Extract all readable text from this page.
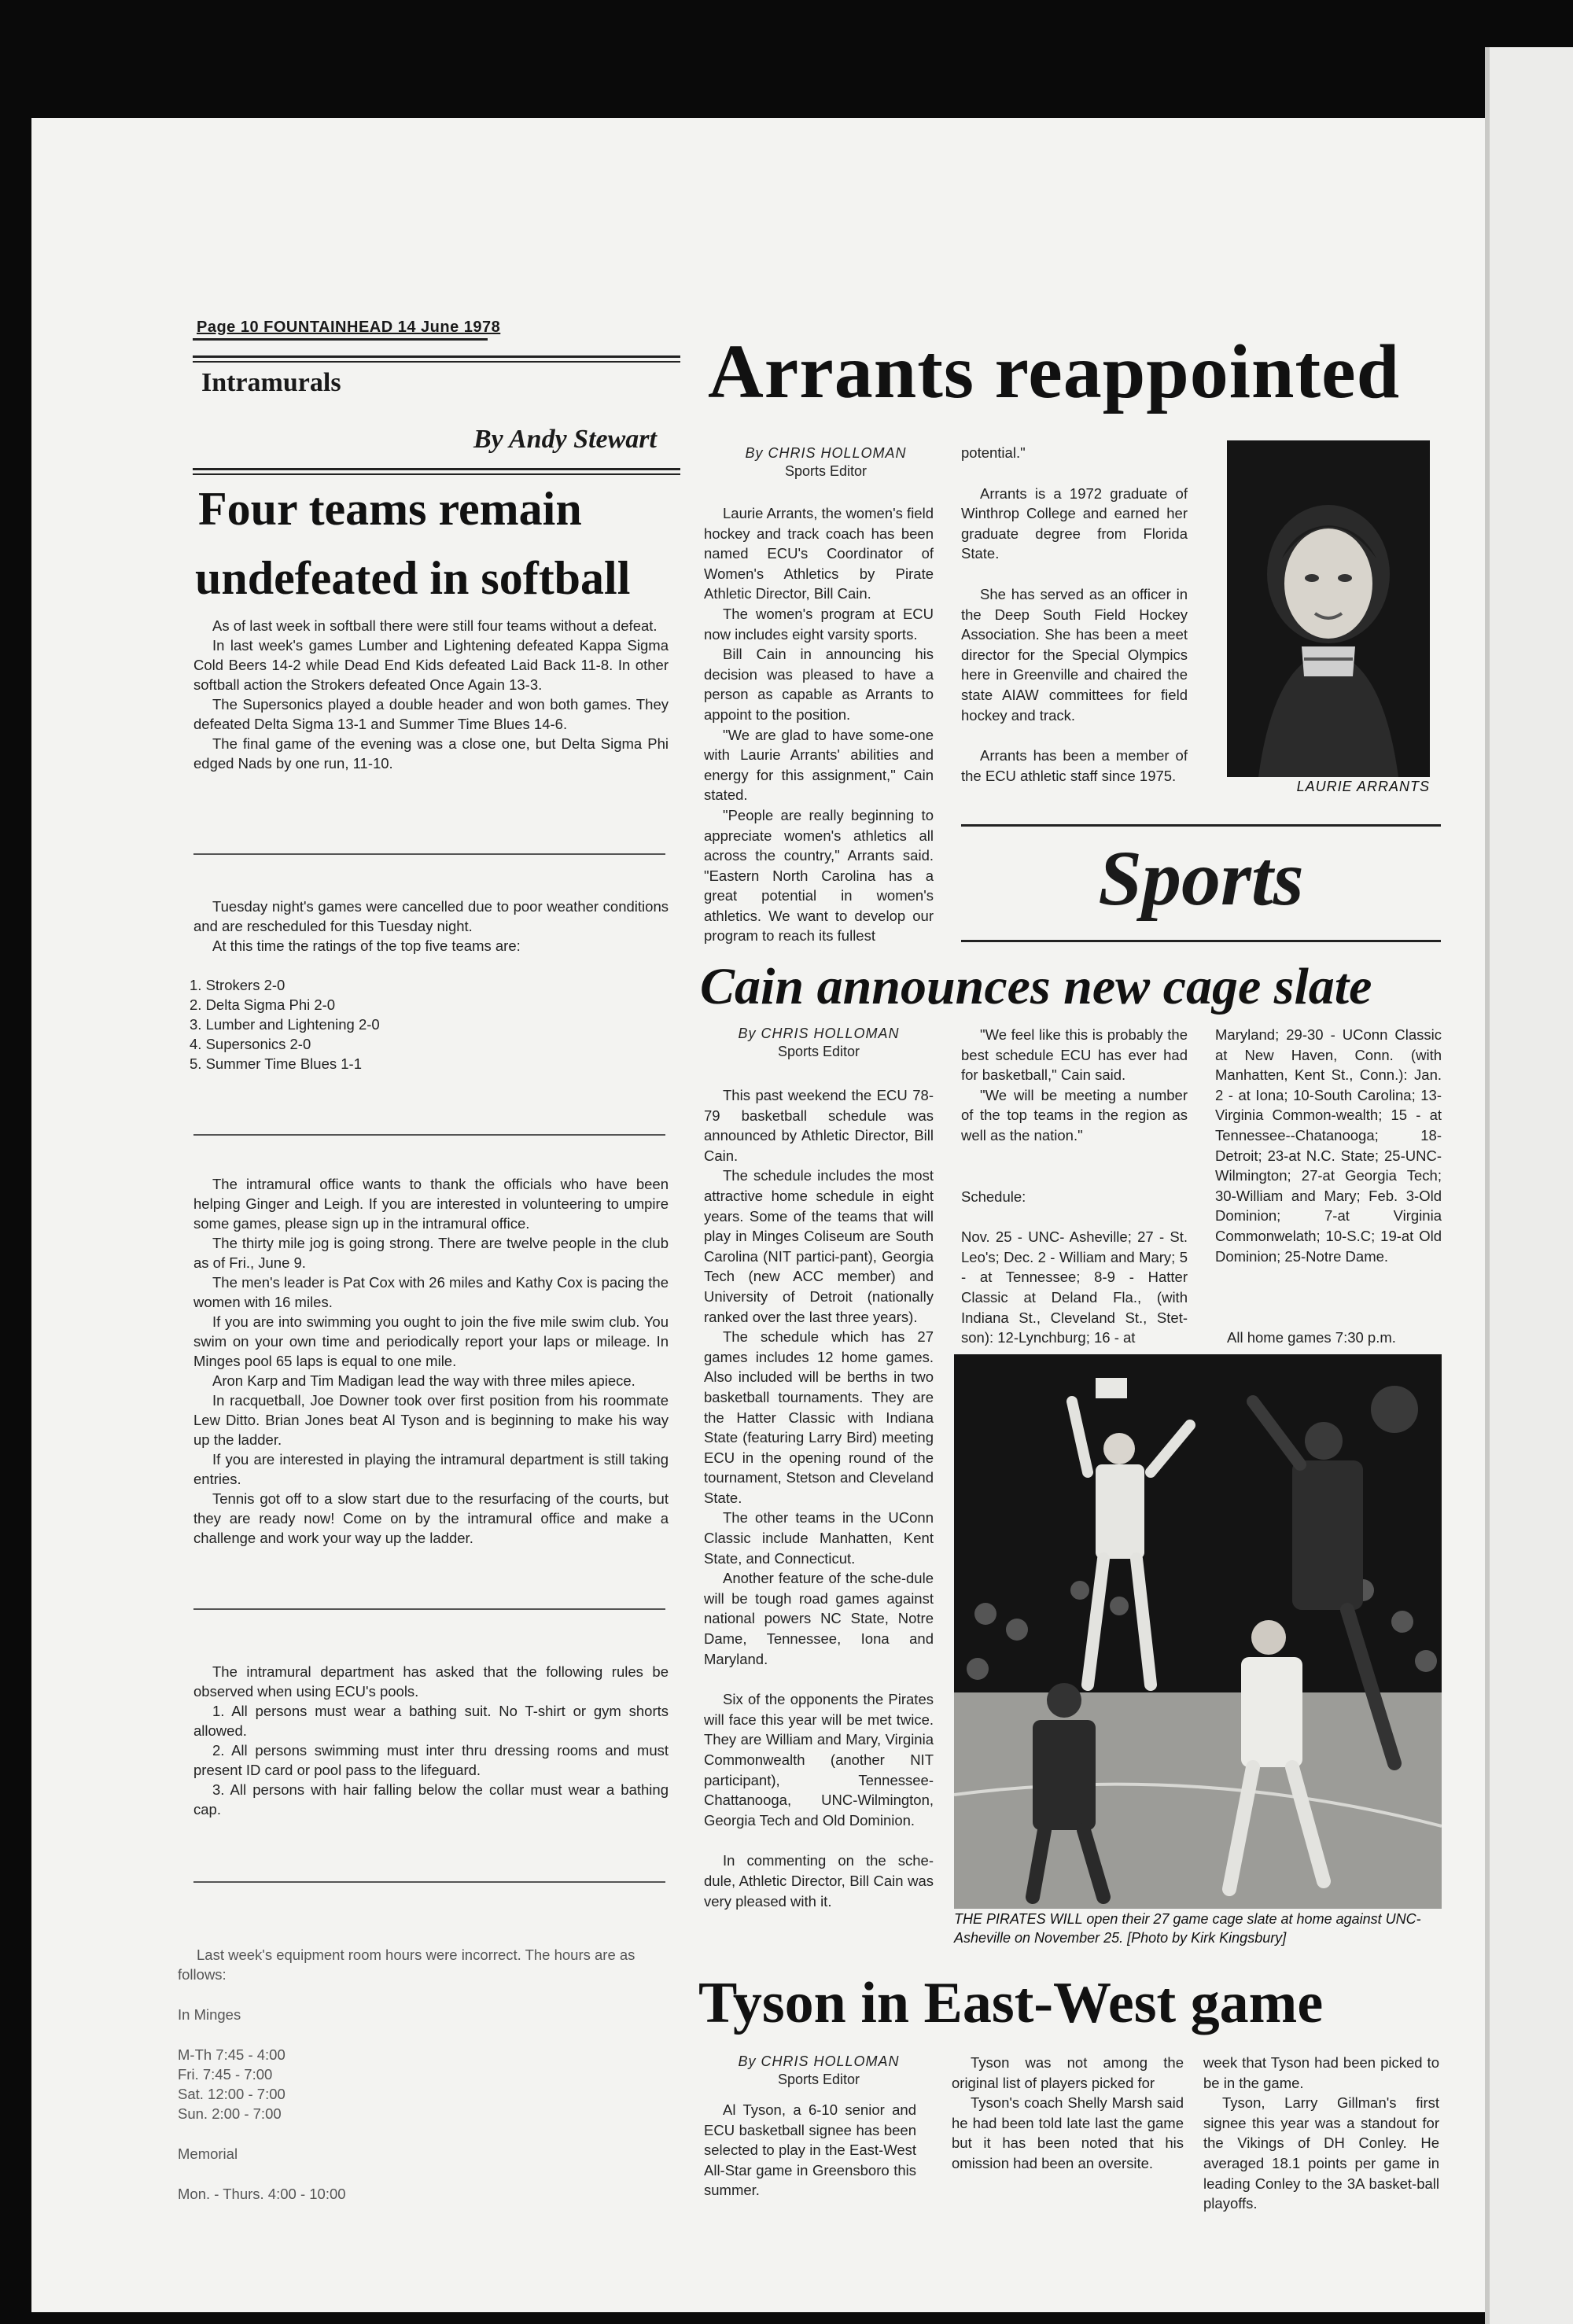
Page 10 FOUNTAINHEAD 14 June 1978
Intramurals
By Andy Stewart
Four teams remain
undefeated in softball

As of last week in softball there were still four teams without a defeat.

In last week's games Lumber and Lightening defeated Kappa Sigma Cold Beers 14-2 while Dead End Kids defeated Laid Back 11-8. In other softball action the Strokers defeated Once Again 13-3.

The Supersonics played a double header and won both games. They defeated Delta Sigma 13-1 and Summer Time Blues 14-6.

The final game of the evening was a close one, but Delta Sigma Phi edged Nads by one run, 11-10.

Tuesday night's games were cancelled due to poor weather conditions and are rescheduled for this Tuesday night.

At this time the ratings of the top five teams are:

1. Strokers 2-0
2. Delta Sigma Phi 2-0
3. Lumber and Lightening 2-0
4. Supersonics 2-0
5. Summer Time Blues 1-1

The intramural office wants to thank the officials who have been helping Ginger and Leigh. If you are interested in volunteering to umpire some games, please sign up in the intramural office.

The thirty mile jog is going strong. There are twelve people in the club as of Fri., June 9.

The men's leader is Pat Cox with 26 miles and Kathy Cox is pacing the women with 16 miles.

If you are into swimming you ought to join the five mile swim club. You swim on your own time and periodically report your laps or mileage. In Minges pool 65 laps is equal to one mile.

Aron Karp and Tim Madigan lead the way with three miles apiece.

In racquetball, Joe Downer took over first position from his roommate Lew Ditto. Brian Jones beat Al Tyson and is beginning to make his way up the ladder.

If you are interested in playing the intramural department is still taking entries.

Tennis got off to a slow start due to the resurfacing of the courts, but they are ready now! Come on by the intramural office and make a challenge and work your way up the ladder.

The intramural department has asked that the following rules be observed when using ECU's pools.

1. All persons must wear a bathing suit. No T-shirt or gym shorts allowed.

2. All persons swimming must inter thru dressing rooms and must present ID card or pool pass to the lifeguard.

3. All persons with hair falling below the collar must wear a bathing cap.

Last week's equipment room hours were incorrect. The hours are as follows:
In Minges
M-Th 7:45 - 4:00
Fri. 7:45 - 7:00
Sat. 12:00 - 7:00
Sun. 2:00 - 7:00
Memorial
Mon. - Thurs. 4:00 - 10:00
Arrants reappointed
By CHRIS HOLLOMAN
Sports Editor

Laurie Arrants, the women's field hockey and track coach has been named ECU's Coordinator of Women's Athletics by Pirate Athletic Director, Bill Cain.

The women's program at ECU now includes eight varsity sports.

Bill Cain in announcing his decision was pleased to have a person as capable as Arrants to appoint to the position.

"We are glad to have some-one with Laurie Arrants' abilities and energy for this assignment," Cain stated.

"People are really beginning to appreciate women's athletics all across the country," Arrants said. "Eastern North Carolina has a great potential in women's athletics. We want to develop our program to reach its fullest

potential."

Arrants is a 1972 graduate of Winthrop College and earned her graduate degree from Florida State.

She has served as an officer in the Deep South Field Hockey Association. She has been a meet director for the Special Olympics here in Greenville and chaired the state AIAW committees for field hockey and track.

Arrants has been a member of the ECU athletic staff since 1975.

LAURIE ARRANTS
Sports
Cain announces new cage slate
By CHRIS HOLLOMAN
Sports Editor

This past weekend the ECU 78-79 basketball schedule was announced by Athletic Director, Bill Cain.

The schedule includes the most attractive home schedule in eight years. Some of the teams that will play in Minges Coliseum are South Carolina (NIT partici-pant), Georgia Tech (new ACC member) and University of Detroit (nationally ranked over the last three years).

The schedule which has 27 games includes 12 home games. Also included will be berths in two basketball tournaments. They are the Hatter Classic with Indiana State (featuring Larry Bird) meeting ECU in the opening round of the tournament, Stetson and Cleveland State.

The other teams in the UConn Classic include Manhatten, Kent State, and Connecticut.

Another feature of the sche-dule will be tough road games against national powers NC State, Notre Dame, Tennessee, Iona and Maryland.

Six of the opponents the Pirates will face this year will be met twice. They are William and Mary, Virginia Commonwealth (another NIT participant), Tennessee-Chattanooga, UNC-Wilmington, Georgia Tech and Old Dominion.

In commenting on the sche-dule, Athletic Director, Bill Cain was very pleased with it.

"We feel like this is probably the best schedule ECU has ever had for basketball," Cain said.

"We will be meeting a number of the top teams in the region as well as the nation."

Schedule:
Nov. 25 - UNC- Asheville; 27 - St. Leo's; Dec. 2 - William and Mary; 5 - at Tennessee; 8-9 - Hatter Classic at Deland Fla., (with Indiana St., Cleveland St., Stet-son): 12-Lynchburg; 16 - at
Maryland; 29-30 - UConn Classic at New Haven, Conn. (with Manhatten, Kent St., Conn.): Jan. 2 - at Iona; 10-South Carolina; 13-Virginia Common-wealth; 15 - at Tennessee--Chatanooga; 18-Detroit; 23-at N.C. State; 25-UNC-Wilmington; 27-at Georgia Tech; 30-William and Mary; Feb. 3-Old Dominion; 7-at Virginia Commonwelath; 10-S.C; 19-at Old Dominion; 25-Notre Dame.
All home games 7:30 p.m.
THE PIRATES WILL open their 27 game cage slate at home against UNC-Asheville on November 25. [Photo by Kirk Kingsbury]
Tyson in East-West game
By CHRIS HOLLOMAN
Sports Editor

Al Tyson, a 6-10 senior and ECU basketball signee has been selected to play in the East-West All-Star game in Greensboro this summer.

Tyson was not among the original list of players picked for

Tyson's coach Shelly Marsh said he had been told late last the game but it has been noted that his omission had been an oversite.

week that Tyson had been picked to be in the game.

Tyson, Larry Gillman's first signee this year was a standout for the Vikings of DH Conley. He averaged 18.1 points per game in leading Conley to the 3A basket-ball playoffs.
